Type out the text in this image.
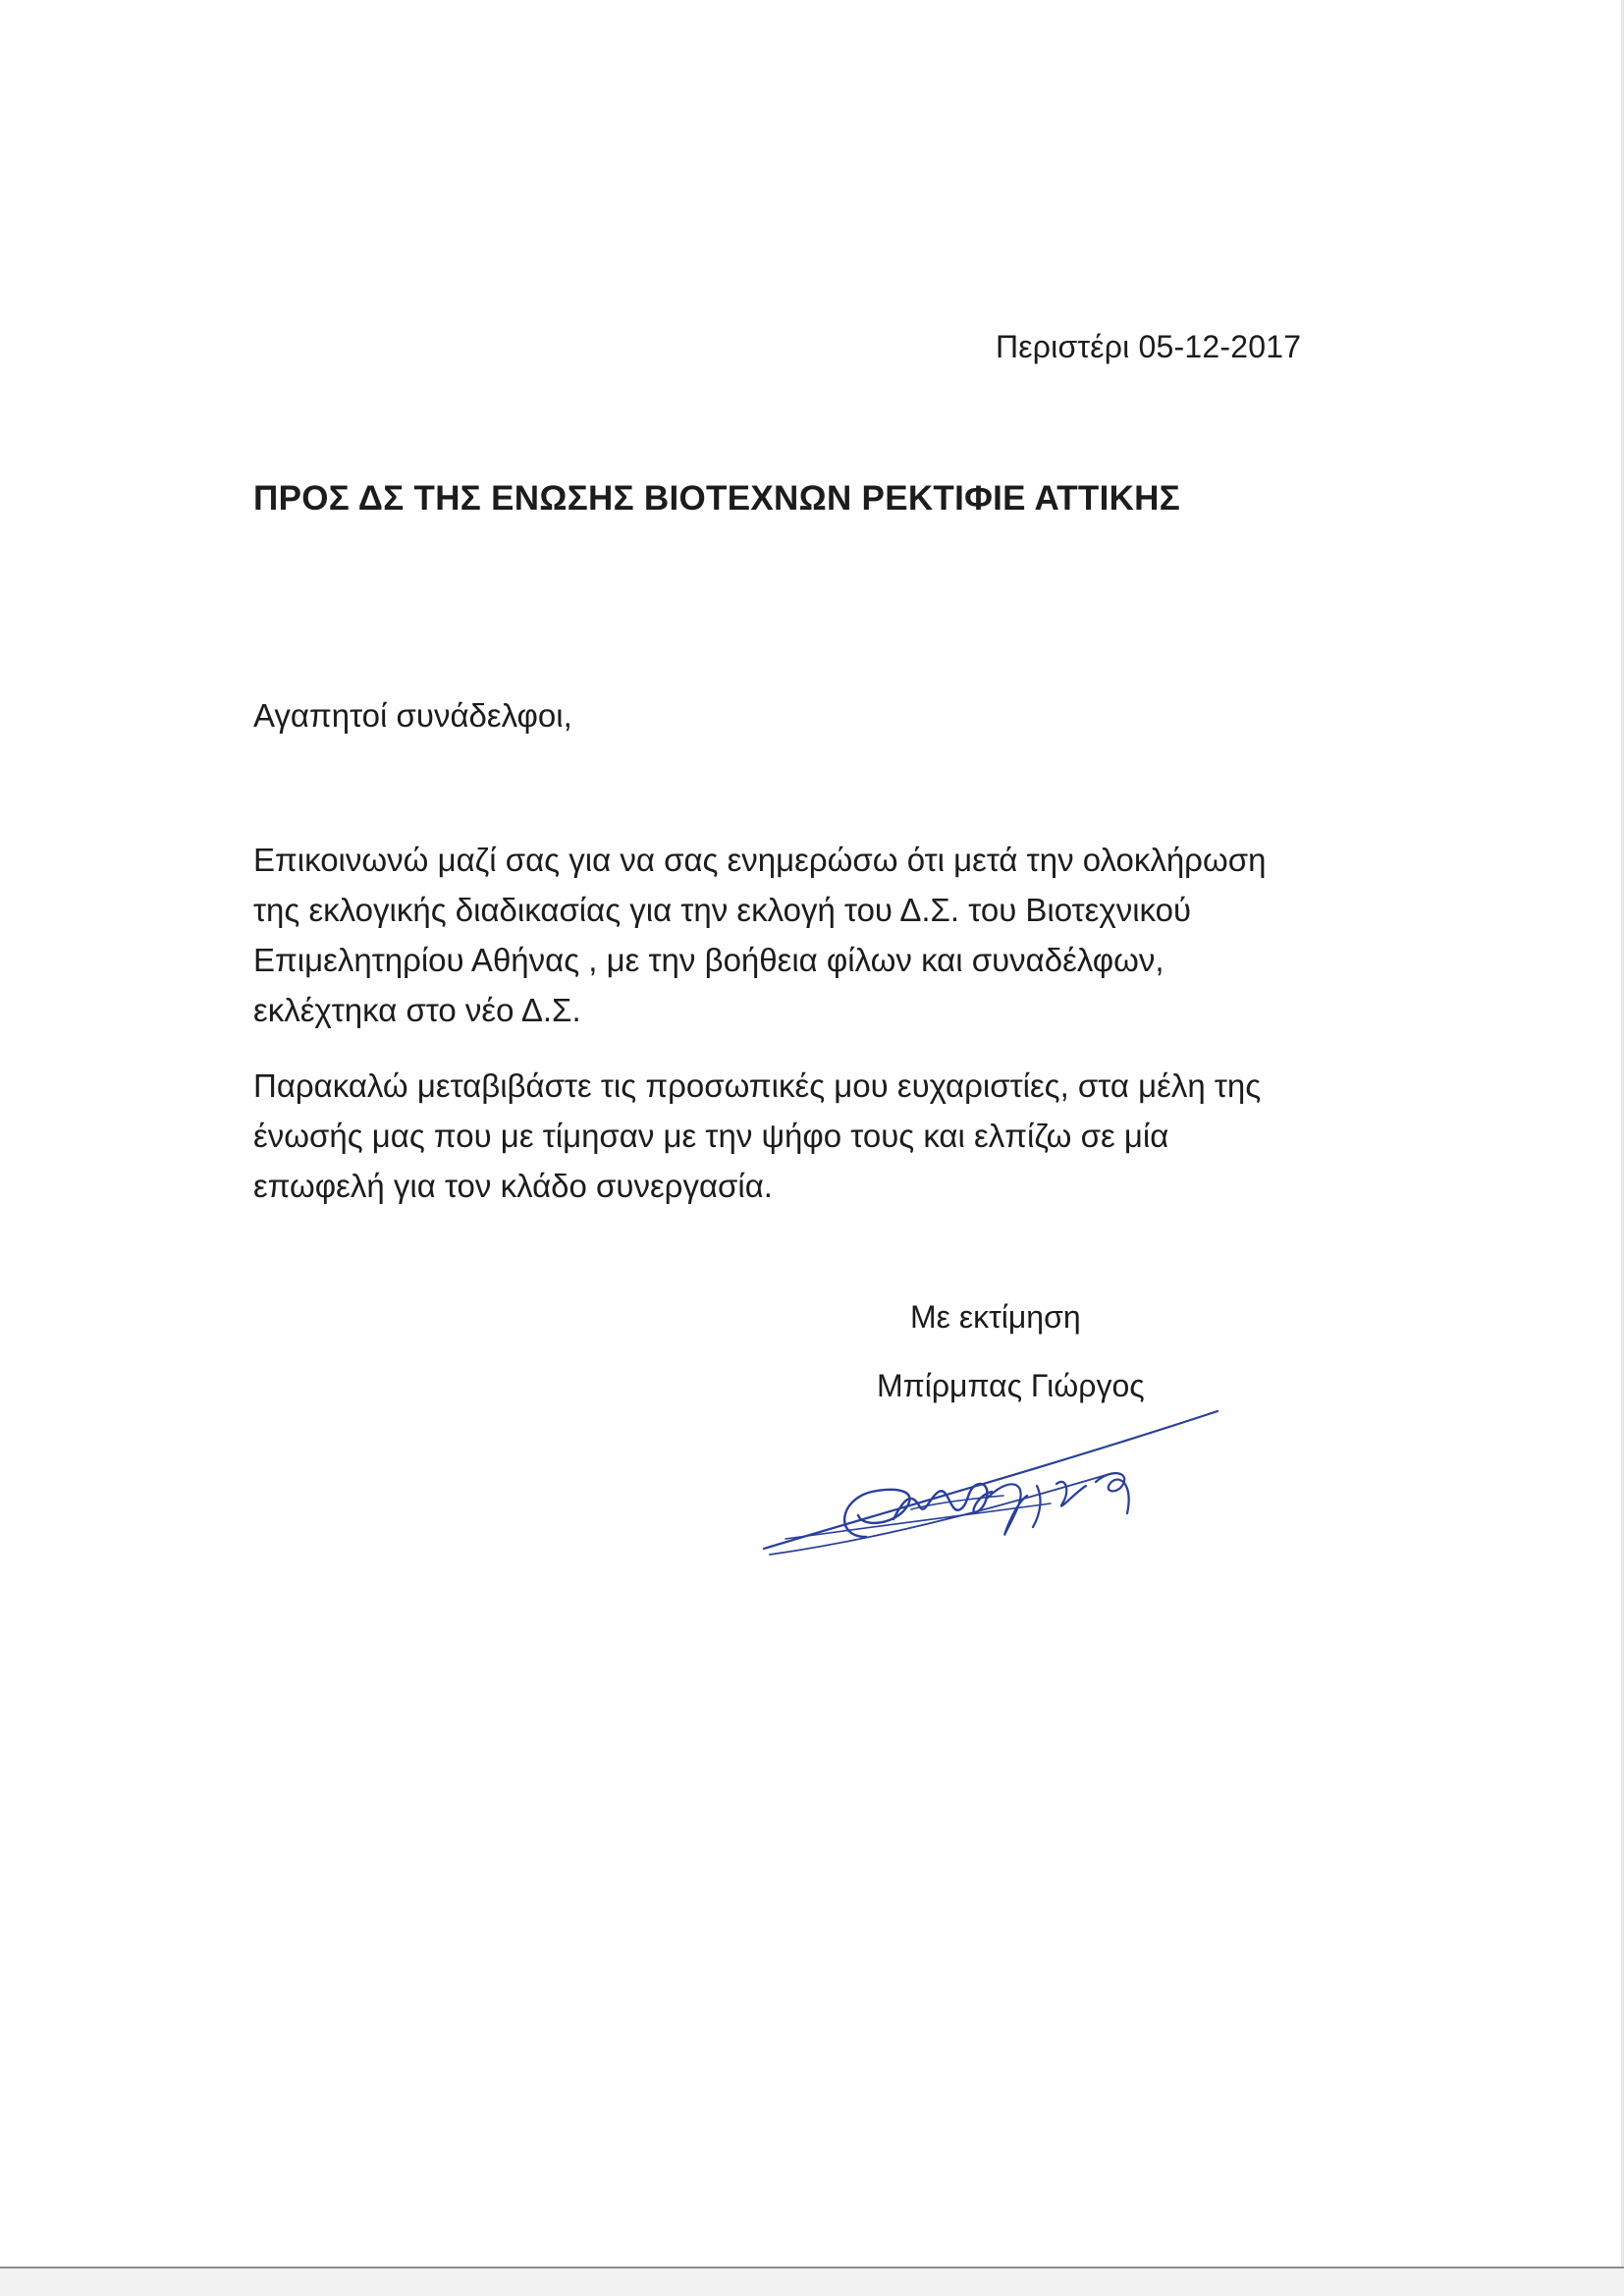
Περιστέρι 05-12-2017
ΠΡΟΣ ΔΣ ΤΗΣ ΕΝΩΣΗΣ ΒΙΟΤΕΧΝΩΝ ΡΕΚΤΙΦΙΕ ΑΤΤΙΚΗΣ
Αγαπητοί συνάδελφοι,
Επικοινωνώ μαζί σας για να σας ενημερώσω ότι μετά την ολοκλήρωση
της εκλογικής διαδικασίας για την εκλογή του Δ.Σ. του Βιοτεχνικού
Επιμελητηρίου Αθήνας , με την βοήθεια φίλων και συναδέλφων,
εκλέχτηκα στο νέο Δ.Σ.
Παρακαλώ μεταβιβάστε τις προσωπικές μου ευχαριστίες, στα μέλη της
ένωσής μας που με τίμησαν με την ψήφο τους και ελπίζω σε μία
επωφελή για τον κλάδο συνεργασία.
Με εκτίμηση
Μπίρμπας Γιώργος
